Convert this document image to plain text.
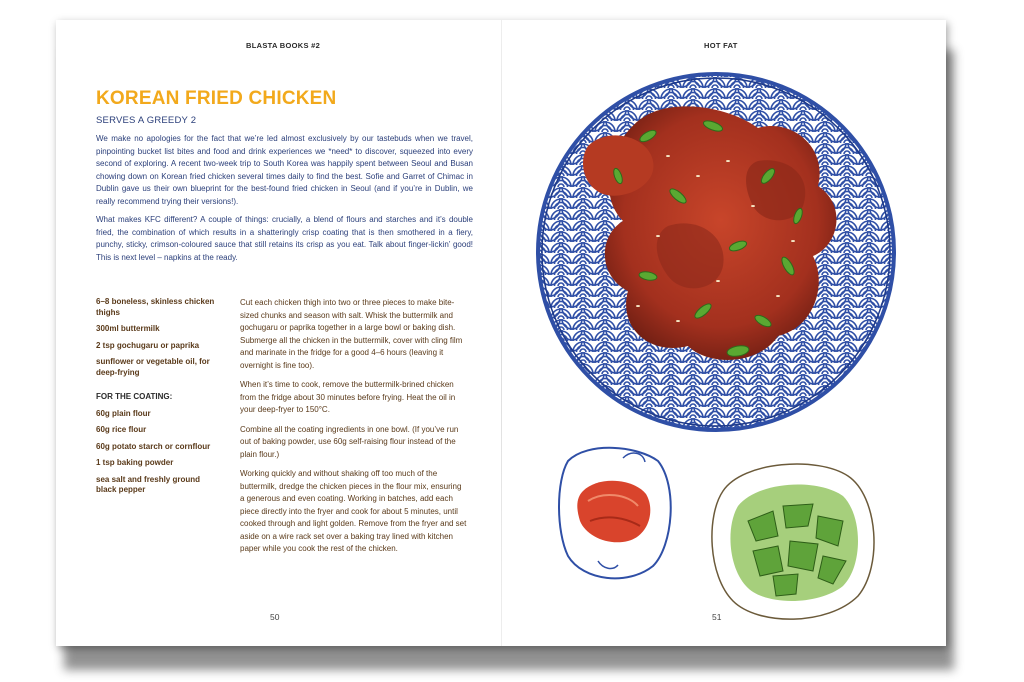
BLASTA BOOKS #2
KOREAN FRIED CHICKEN
SERVES A GREEDY 2

We make no apologies for the fact that we’re led almost exclusively by our tastebuds when we travel, pinpointing bucket list bites and food and drink experiences we *need* to discover, squeezed into every second of exploring. A recent two-week trip to South Korea was happily spent between Seoul and Busan chowing down on Korean fried chicken several times daily to find the best. Sofie and Garret of Chimac in Dublin gave us their own blueprint for the best-found fried chicken in Seoul (and if you’re in Dublin, we really recommend trying their versions!).

What makes KFC different? A couple of things: crucially, a blend of flours and starches and it’s double fried, the combination of which results in a shatteringly crisp coating that is then smothered in a fiery, punchy, sticky, crimson-coloured sauce that still retains its crisp as you eat. Talk about finger-lickin’ good! This is next level – napkins at the ready.

6–8 boneless, skinless chicken thighs
300ml buttermilk
2 tsp gochugaru or paprika
sunflower or vegetable oil, for deep-frying
FOR THE COATING:
60g plain flour
60g rice flour
60g potato starch or cornflour
1 tsp baking powder
sea salt and freshly ground black pepper

Cut each chicken thigh into two or three pieces to make bite-sized chunks and season with salt. Whisk the buttermilk and gochugaru or paprika together in a large bowl or baking dish. Submerge all the chicken in the buttermilk, cover with cling film and marinate in the fridge for a good 4–6 hours (leaving it overnight is fine too).

When it’s time to cook, remove the buttermilk-brined chicken from the fridge about 30 minutes before frying. Heat the oil in your deep-fryer to 150°C.

Combine all the coating ingredients in one bowl. (If you’ve run out of baking powder, use 60g self-raising flour instead of the plain flour.)

Working quickly and without shaking off too much of the buttermilk, dredge the chicken pieces in the flour mix, ensuring a generous and even coating. Working in batches, add each piece directly into the fryer and cook for about 5 minutes, until cooked through and light golden. Remove from the fryer and set aside on a wire rack set over a baking tray lined with kitchen paper while you cook the rest of the chicken.

50
HOT FAT
51
